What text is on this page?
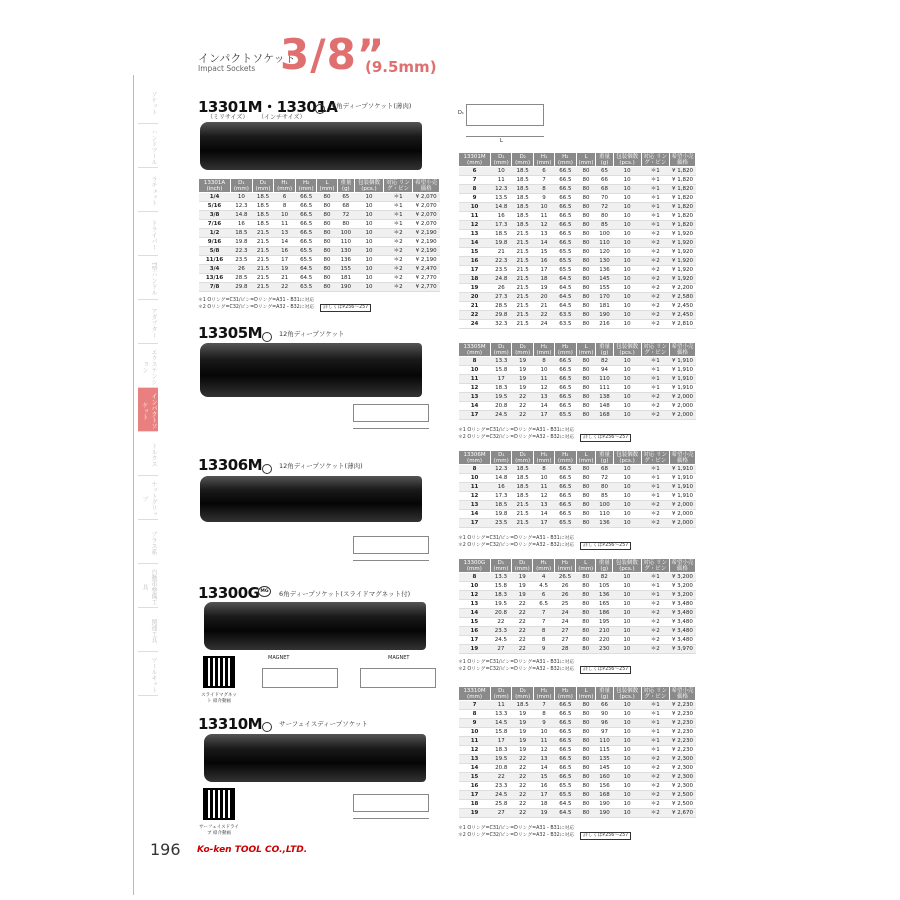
ソケット
ハンドツール
ラチェット
ドライバー
T型ハンドル
アダプター
エクステンション
インパクトソケット
トルクス
ナットグリップ
プラス系
自動車整備工具
関連工具
ツールキット
インパクトソケット
Impact Sockets 3/8”
(9.5mm)
13301M・13301A
（ミリサイズ） （インチサイズ）
6角ディープソケット(薄肉)
13301A (inch)	D₁ (mm)	D₂ (mm)	H₁ (mm)	H₂ (mm)	L (mm)	重量 (g)	包装個数 (pcs.)	対応 リング・ピン	希望小売 価格
1/4	10	18.5	6	66.5	80	65	10	＊1	¥ 2,070
5/16	12.3	18.5	8	66.5	80	68	10	＊1	¥ 2,070
3/8	14.8	18.5	10	66.5	80	72	10	＊1	¥ 2,070
7/16	16	18.5	11	66.5	80	80	10	＊1	¥ 2,070
1/2	18.5	21.5	13	66.5	80	100	10	＊2	¥ 2,190
9/16	19.8	21.5	14	66.5	80	110	10	＊2	¥ 2,190
5/8	22.3	21.5	16	65.5	80	130	10	＊2	¥ 2,190
11/16	23.5	21.5	17	65.5	80	136	10	＊2	¥ 2,190
3/4	26	21.5	19	64.5	80	155	10	＊2	¥ 2,470
13/16	28.5	21.5	21	64.5	80	181	10	＊2	¥ 2,770
7/8	29.8	21.5	22	63.5	80	190	10	＊2	¥ 2,770
＊1 Oリング=C31/ピン=Dリング=A31・B31に対応
＊2 Oリング=C32/ピン=Dリング=A32・B32に対応 詳しくはP256〜257
L
D₁
13301M (mm)	D₁ (mm)	D₂ (mm)	H₁ (mm)	H₂ (mm)	L (mm)	重量 (g)	包装個数 (pcs.)	対応 リング・ピン	希望小売 価格
6	10	18.5	6	66.5	80	65	10	＊1	¥ 1,820
7	11	18.5	7	66.5	80	66	10	＊1	¥ 1,820
8	12.3	18.5	8	66.5	80	68	10	＊1	¥ 1,820
9	13.5	18.5	9	66.5	80	70	10	＊1	¥ 1,820
10	14.8	18.5	10	66.5	80	72	10	＊1	¥ 1,820
11	16	18.5	11	66.5	80	80	10	＊1	¥ 1,820
12	17.3	18.5	12	66.5	80	85	10	＊1	¥ 1,820
13	18.5	21.5	13	66.5	80	100	10	＊2	¥ 1,920
14	19.8	21.5	14	66.5	80	110	10	＊2	¥ 1,920
15	21	21.5	15	65.5	80	120	10	＊2	¥ 1,920
16	22.3	21.5	16	65.5	80	130	10	＊2	¥ 1,920
17	23.5	21.5	17	65.5	80	136	10	＊2	¥ 1,920
18	24.8	21.5	18	64.5	80	145	10	＊2	¥ 1,920
19	26	21.5	19	64.5	80	155	10	＊2	¥ 2,200
20	27.3	21.5	20	64.5	80	170	10	＊2	¥ 2,580
21	28.5	21.5	21	64.5	80	181	10	＊2	¥ 2,450
22	29.8	21.5	22	63.5	80	190	10	＊2	¥ 2,450
24	32.3	21.5	24	63.5	80	216	10	＊2	¥ 2,810
13305M	12角ディープソケット
13305M (mm)	D₁ (mm)	D₂ (mm)	H₁ (mm)	H₂ (mm)	L (mm)	重量 (g)	包装個数 (pcs.)	対応 リング・ピン	希望小売 価格
8	13.3	19	8	66.5	80	82	10	＊1	¥ 1,910
10	15.8	19	10	66.5	80	94	10	＊1	¥ 1,910
11	17	19	11	66.5	80	110	10	＊1	¥ 1,910
12	18.3	19	12	66.5	80	111	10	＊1	¥ 1,910
13	19.5	22	13	66.5	80	138	10	＊2	¥ 2,000
14	20.8	22	14	66.5	80	148	10	＊2	¥ 2,000
17	24.5	22	17	65.5	80	168	10	＊2	¥ 2,000
＊1 Oリング=C31/ピン=Dリング=A31・B31に対応
＊2 Oリング=C32/ピン=Dリング=A32・B32に対応 詳しくはP256〜257
13306M	12角ディープソケット(薄肉)
13306M (mm)	D₁ (mm)	D₂ (mm)	H₁ (mm)	H₂ (mm)	L (mm)	重量 (g)	包装個数 (pcs.)	対応 リング・ピン	希望小売 価格
8	12.3	18.5	8	66.5	80	68	10	＊1	¥ 1,910
10	14.8	18.5	10	66.5	80	72	10	＊1	¥ 1,910
11	16	18.5	11	66.5	80	80	10	＊1	¥ 1,910
12	17.3	18.5	12	66.5	80	85	10	＊1	¥ 1,910
13	18.5	21.5	13	66.5	80	100	10	＊2	¥ 2,000
14	19.8	21.5	14	66.5	80	110	10	＊2	¥ 2,000
17	23.5	21.5	17	65.5	80	136	10	＊2	¥ 2,000
＊1 Oリング=C31/ピン=Dリング=A31・B31に対応
＊2 Oリング=C32/ピン=Dリング=A32・B32に対応 詳しくはP256〜257
13300G MG	6角ディープソケット(スライドマグネット付)
スライドマグネット 紹介動画
MAGNET	MAGNET
13300G (mm)	D₁ (mm)	D₂ (mm)	H₁ (mm)	H₂ (mm)	L (mm)	重量 (g)	包装個数 (pcs.)	対応 リング・ピン	希望小売 価格
8	13.3	19	4	26.5	80	82	10	＊1	¥ 3,200
10	15.8	19	4.5	26	80	105	10	＊1	¥ 3,200
12	18.3	19	6	26	80	136	10	＊1	¥ 3,200
13	19.5	22	6.5	25	80	165	10	＊2	¥ 3,480
14	20.8	22	7	24	80	186	10	＊2	¥ 3,480
15	22	22	7	24	80	195	10	＊2	¥ 3,480
16	23.3	22	8	27	80	210	10	＊2	¥ 3,480
17	24.5	22	8	27	80	220	10	＊2	¥ 3,480
19	27	22	9	28	80	230	10	＊2	¥ 3,970
＊1 Oリング=C31/ピン=Dリング=A31・B31に対応
＊2 Oリング=C32/ピン=Dリング=A32・B32に対応 詳しくはP256〜257
13310M	サーフェイスディープソケット
サーフェイスドライブ 紹介動画
13310M (mm)	D₁ (mm)	D₂ (mm)	H₁ (mm)	H₂ (mm)	L (mm)	重量 (g)	包装個数 (pcs.)	対応 リング・ピン	希望小売 価格
7	11	18.5	7	66.5	80	66	10	＊1	¥ 2,230
8	13.3	19	8	66.5	80	90	10	＊1	¥ 2,230
9	14.5	19	9	66.5	80	96	10	＊1	¥ 2,230
10	15.8	19	10	66.5	80	97	10	＊1	¥ 2,230
11	17	19	11	66.5	80	110	10	＊1	¥ 2,230
12	18.3	19	12	66.5	80	115	10	＊1	¥ 2,230
13	19.5	22	13	66.5	80	135	10	＊2	¥ 2,300
14	20.8	22	14	66.5	80	145	10	＊2	¥ 2,300
15	22	22	15	66.5	80	160	10	＊2	¥ 2,300
16	23.3	22	16	65.5	80	156	10	＊2	¥ 2,300
17	24.5	22	17	65.5	80	168	10	＊2	¥ 2,500
18	25.8	22	18	64.5	80	190	10	＊2	¥ 2,500
19	27	22	19	64.5	80	190	10	＊2	¥ 2,670
＊1 Oリング=C31/ピン=Dリング=A31・B31に対応
＊2 Oリング=C32/ピン=Dリング=A32・B32に対応 詳しくはP256〜257
196 Ko-ken TOOL CO.,LTD.
